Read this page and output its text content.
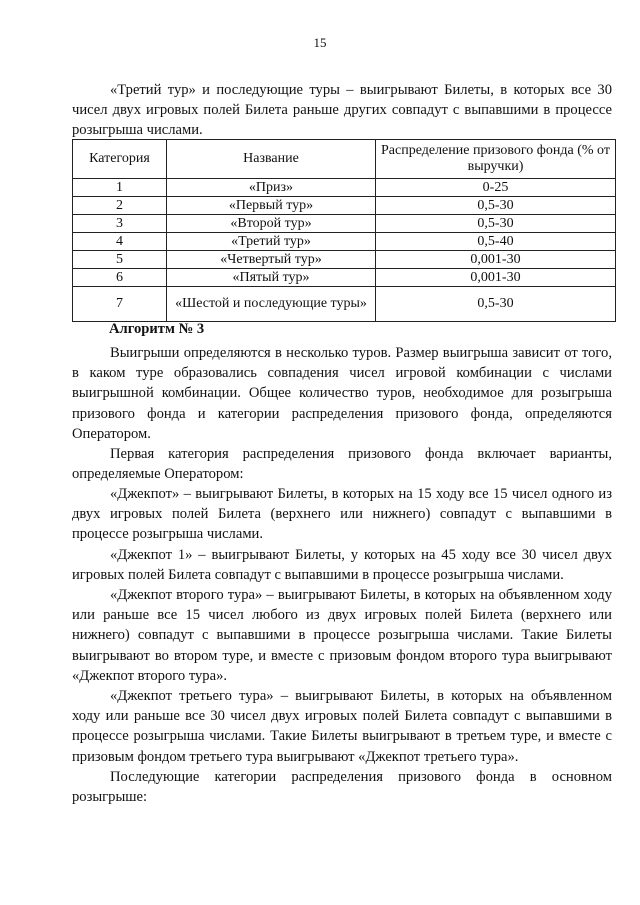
15

«Третий тур» и последующие туры – выигрывают Билеты, в которых все 30 чисел двух игровых полей Билета раньше других совпадут с выпавшими в процессе розыгрыша числами.

Категория	Название	Распределение призового фонда (% от выручки)
1	«Приз»	0-25
2	«Первый тур»	0,5-30
3	«Второй тур»	0,5-30
4	«Третий тур»	0,5-40
5	«Четвертый тур»	0,001-30
6	«Пятый тур»	0,001-30
7	«Шестой и последующие туры»	0,5-30
Алгоритм № 3

Выигрыши определяются в несколько туров. Размер выигрыша зависит от того, в каком туре образовались совпадения чисел игровой комбинации с числами выигрышной комбинации. Общее количество туров, необходимое для розыгрыша призового фонда и категории распределения призового фонда, определяются Оператором.

Первая категория распределения призового фонда включает варианты, определяемые Оператором:

«Джекпот» – выигрывают Билеты, в которых на 15 ходу все 15 чисел одного из двух игровых полей Билета (верхнего или нижнего) совпадут с выпавшими в процессе розыгрыша числами.

«Джекпот 1» – выигрывают Билеты, у которых на 45 ходу все 30 чисел двух игровых полей Билета совпадут с выпавшими в процессе розыгрыша числами.

«Джекпот второго тура» – выигрывают Билеты, в которых на объявленном ходу или раньше все 15 чисел любого из двух игровых полей Билета (верхнего или нижнего) совпадут с выпавшими в процессе розыгрыша числами. Такие Билеты выигрывают во втором туре, и вместе с призовым фондом второго тура выигрывают «Джекпот второго тура».

«Джекпот третьего тура» – выигрывают Билеты, в которых на объявленном ходу или раньше все 30 чисел двух игровых полей Билета совпадут с выпавшими в процессе розыгрыша числами. Такие Билеты выигрывают в третьем туре, и вместе с призовым фондом третьего тура выигрывают «Джекпот третьего тура».

Последующие категории распределения призового фонда в основном розыгрыше:
